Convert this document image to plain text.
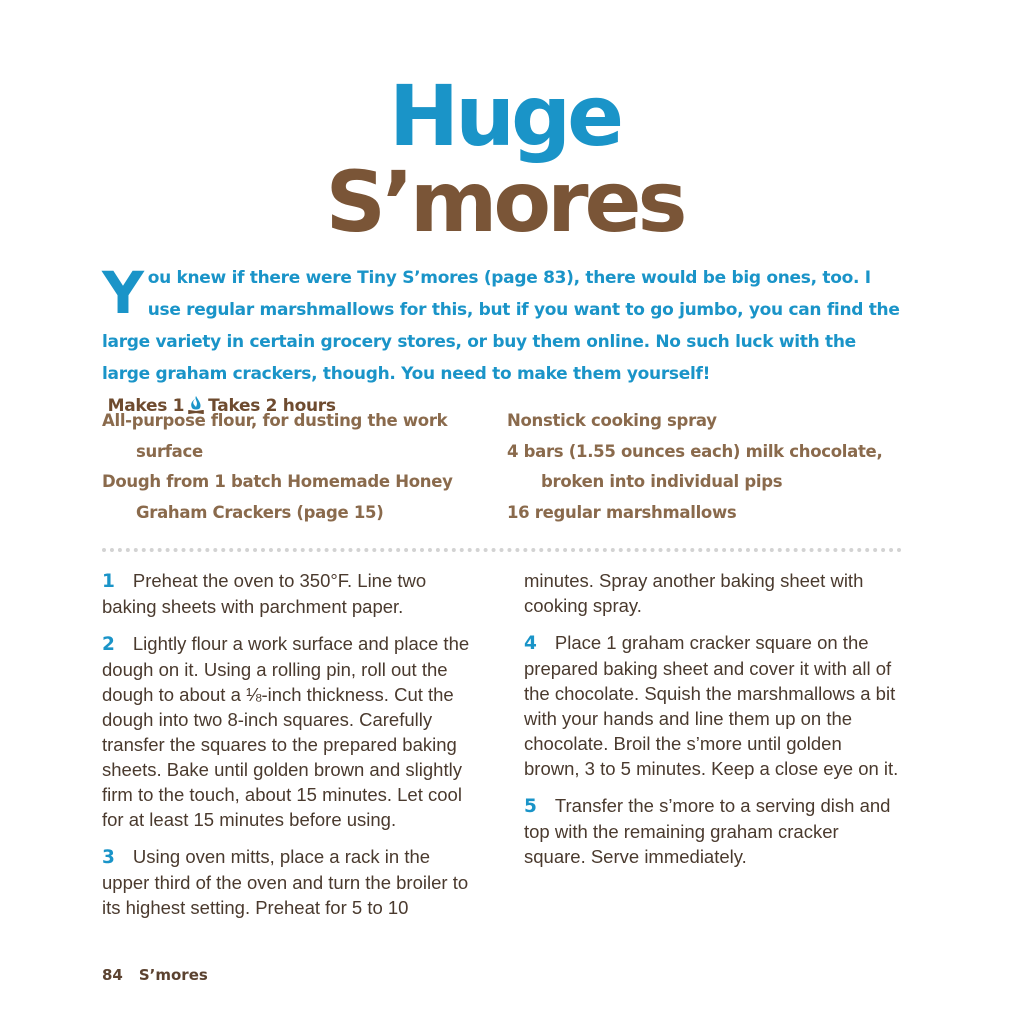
Huge
S’mores
You knew if there were Tiny S’mores (page 83), there would be big ones, too. I use regular marshmallows for this, but if you want to go jumbo, you can find the large variety in certain grocery stores, or buy them online. No such luck with the large graham crackers, though. You need to make them yourself!  Makes 1 Takes 2 hours

All-purpose flour, for dusting the work surface

Dough from 1 batch Homemade Honey Graham Crackers (page 15)

Nonstick cooking spray

4 bars (1.55 ounces each) milk chocolate, broken into individual pips

16 regular marshmallows

1 Preheat the oven to 350°F. Line two baking sheets with parchment paper.

2 Lightly flour a work surface and place the dough on it. Using a rolling pin, roll out the dough to about a ⅛-inch thickness. Cut the dough into two 8-inch squares. Carefully transfer the squares to the prepared baking sheets. Bake until golden brown and slightly firm to the touch, about 15 minutes. Let cool for at least 15 minutes before using.

3 Using oven mitts, place a rack in the upper third of the oven and turn the broiler to its highest setting. Preheat for 5 to 10 minutes. Spray another baking sheet with cooking spray.

4 Place 1 graham cracker square on the prepared baking sheet and cover it with all of the chocolate. Squish the marshmallows a bit with your hands and line them up on the chocolate. Broil the s’more until golden brown, 3 to 5 minutes. Keep a close eye on it.

5 Transfer the s’more to a serving dish and top with the remaining graham cracker square. Serve immediately.

84 S’mores
